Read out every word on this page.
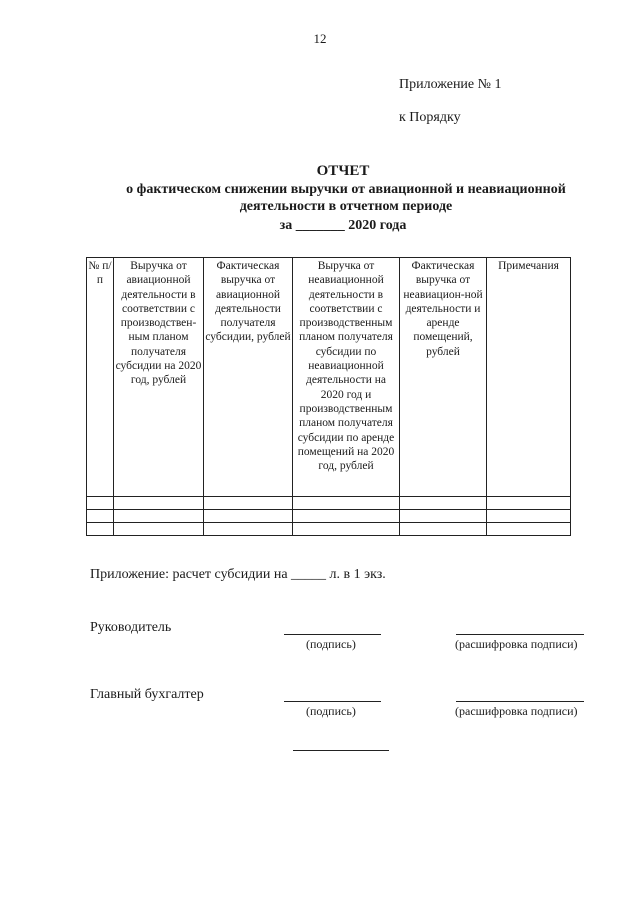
12
Приложение № 1
к Порядку
ОТЧЕТ
о фактическом снижении выручки от авиационной и неавиационной деятельности в отчетном периоде
за _______ 2020 года
№ п/п	Выручка от авиационной деятельности в соответствии с производствен-ным планом получателя субсидии на 2020 год, рублей	Фактическая выручка от авиационной деятельности получателя субсидии, рублей	Выручка от неавиационной деятельности в соответствии с производственным планом получателя субсидии по неавиационной деятельности на 2020 год и производственным планом получателя субсидии по аренде помещений на 2020 год, рублей	Фактическая выручка от неавиацион-ной деятельности и аренде помещений, рублей	Примечания

Приложение: расчет субсидии на _____ л. в 1 экз.
Руководитель
(подпись)	(расшифровка подписи)
Главный бухгалтер
(подпись)	(расшифровка подписи)
